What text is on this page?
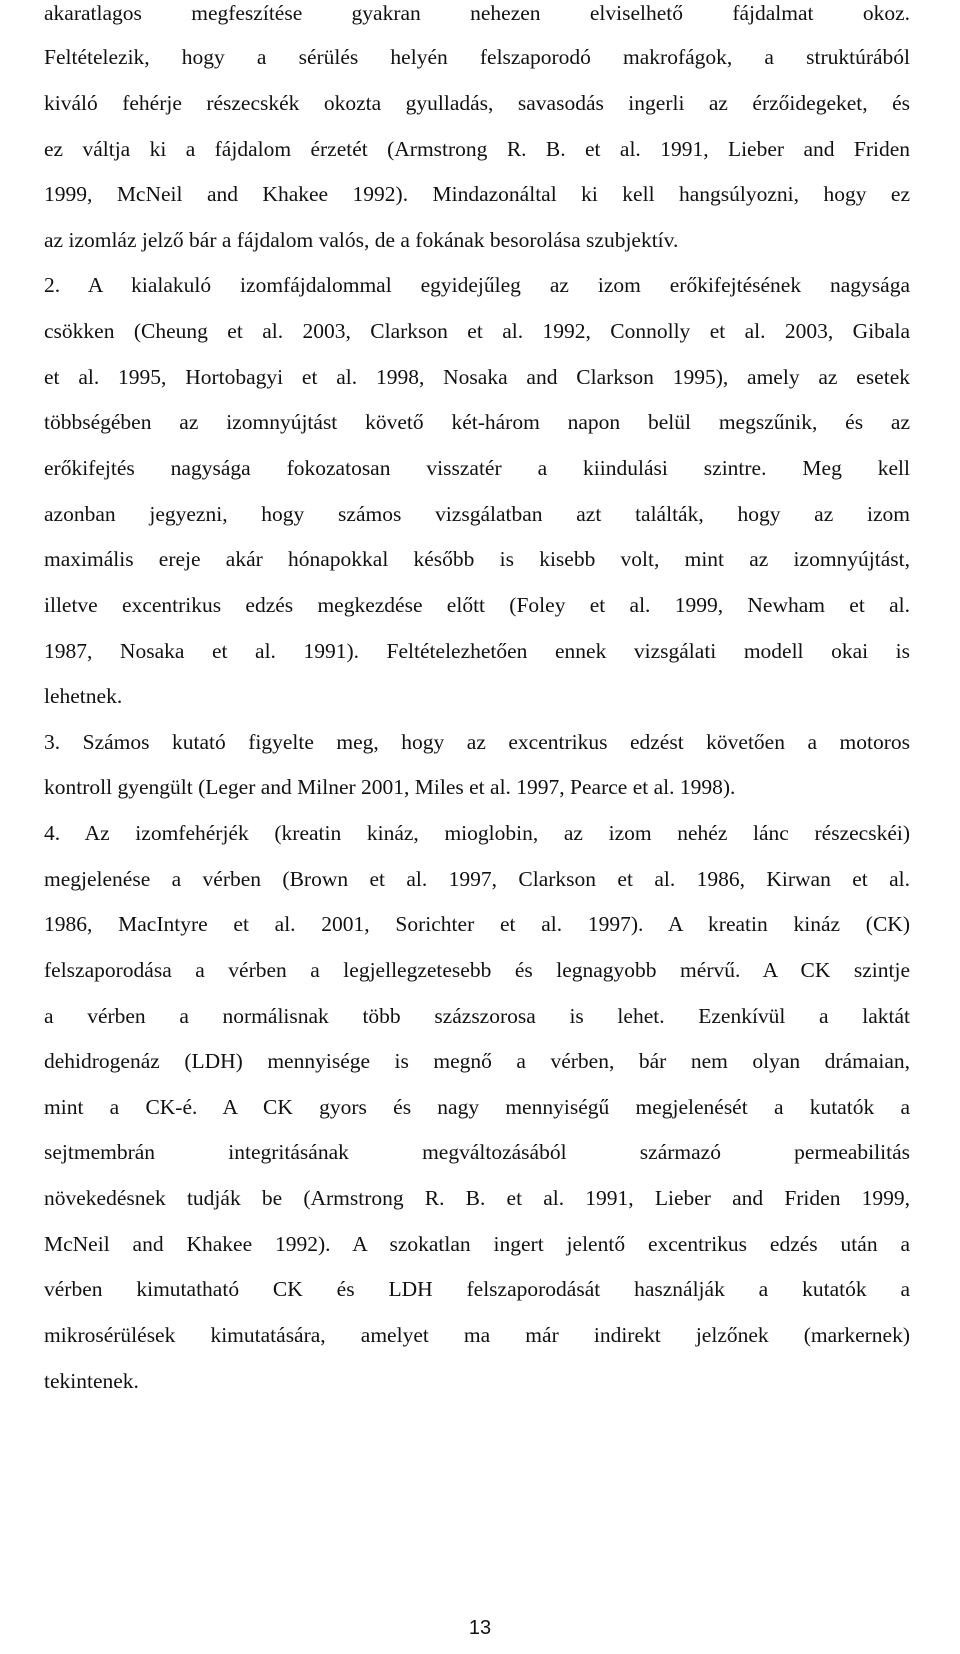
akaratlagos megfeszítése gyakran nehezen elviselhető fájdalmat okoz.
Feltételezik, hogy a sérülés helyén felszaporodó makrofágok, a struktúrából
kiváló fehérje részecskék okozta gyulladás, savasodás ingerli az érzőidegeket, és
ez váltja ki a fájdalom érzetét (Armstrong R. B. et al. 1991, Lieber and Friden
1999, McNeil and Khakee 1992). Mindazonáltal ki kell hangsúlyozni, hogy ez
az izomláz jelző bár a fájdalom valós, de a fokának besorolása szubjektív.
2. A kialakuló izomfájdalommal egyidejűleg az izom erőkifejtésének nagysága
csökken (Cheung et al. 2003, Clarkson et al. 1992, Connolly et al. 2003, Gibala
et al. 1995, Hortobagyi et al. 1998, Nosaka and Clarkson 1995), amely az esetek
többségében az izomnyújtást követő két-három napon belül megszűnik, és az
erőkifejtés nagysága fokozatosan visszatér a kiindulási szintre. Meg kell
azonban jegyezni, hogy számos vizsgálatban azt találták, hogy az izom
maximális ereje akár hónapokkal később is kisebb volt, mint az izomnyújtást,
illetve excentrikus edzés megkezdése előtt (Foley et al. 1999, Newham et al.
1987, Nosaka et al. 1991). Feltételezhetően ennek vizsgálati modell okai is
lehetnek.
3. Számos kutató figyelte meg, hogy az excentrikus edzést követően a motoros
kontroll gyengült (Leger and Milner 2001, Miles et al. 1997, Pearce et al. 1998).
4. Az izomfehérjék (kreatin kináz, mioglobin, az izom nehéz lánc részecskéi)
megjelenése a vérben (Brown et al. 1997, Clarkson et al. 1986, Kirwan et al.
1986, MacIntyre et al. 2001, Sorichter et al. 1997). A kreatin kináz (CK)
felszaporodása a vérben a legjellegzetesebb és legnagyobb mérvű. A CK szintje
a vérben a normálisnak több százszorosa is lehet. Ezenkívül a laktát
dehidrogenáz (LDH) mennyisége is megnő a vérben, bár nem olyan drámaian,
mint a CK-é. A CK gyors és nagy mennyiségű megjelenését a kutatók a
sejtmembrán integritásának megváltozásából származó permeabilitás
növekedésnek tudják be (Armstrong R. B. et al. 1991, Lieber and Friden 1999,
McNeil and Khakee 1992). A szokatlan ingert jelentő excentrikus edzés után a
vérben kimutatható CK és LDH felszaporodását használják a kutatók a
mikrosérülések kimutatására, amelyet ma már indirekt jelzőnek (markernek)
tekintenek.
13
